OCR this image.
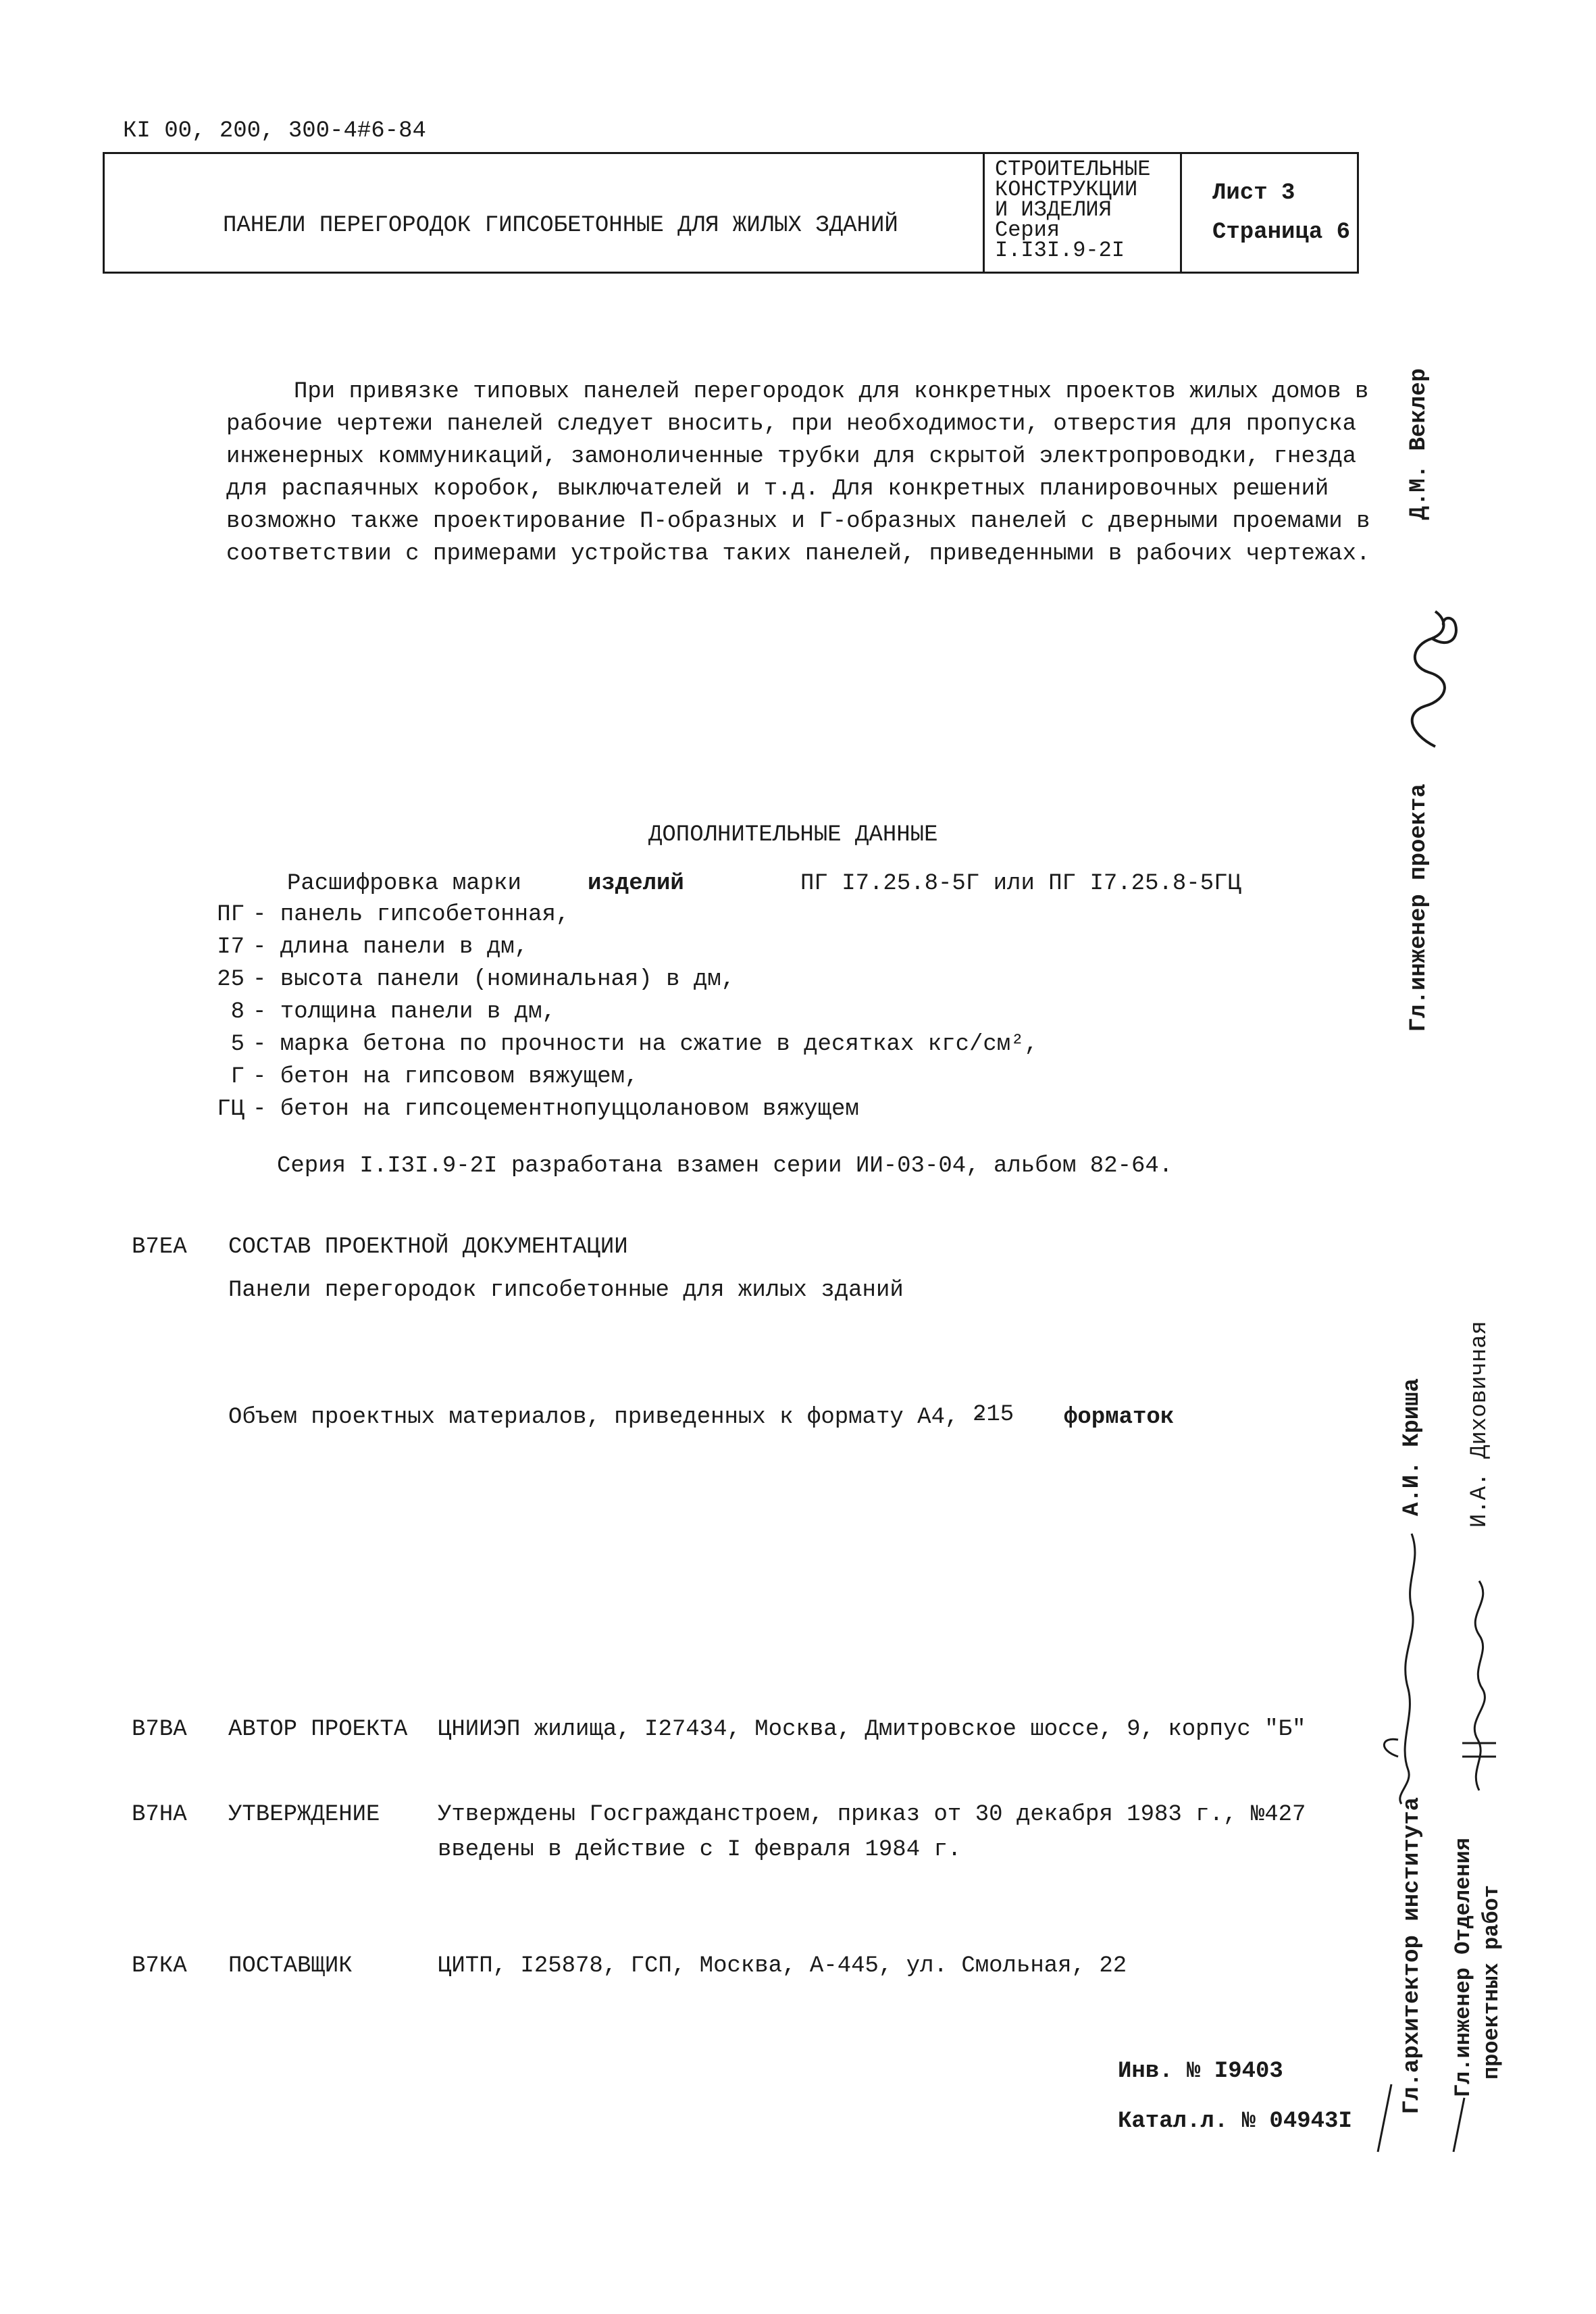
КI 00, 200, 300-4#6-84
ПАНЕЛИ ПЕРЕГОРОДОК ГИПСОБЕТОННЫЕ ДЛЯ ЖИЛЫХ ЗДАНИЙ
СТРОИТЕЛЬНЫЕ
КОНСТРУКЦИИ
И ИЗДЕЛИЯ
Серия
I.I3I.9-2I
Лист 3
Страница 6
При привязке типовых панелей перегородок для конкретных проектов жилых домов в
рабочие чертежи панелей следует вносить, при необходимости, отверстия для пропуска
инженерных коммуникаций, замоноличенные трубки для скрытой электропроводки, гнезда
для распаячных коробок, выключателей и т.д. Для конкретных планировочных решений
возможно также проектирование П-образных и Г-образных панелей с дверными проемами в
соответствии с примерами устройства таких панелей, приведенными в рабочих чертежах.
ДОПОЛНИТЕЛЬНЫЕ ДАННЫЕ
Расшифровка марки	изделий	ПГ I7.25.8-5Г или ПГ I7.25.8-5ГЦ
ПГ - панель гипсобетонная,
I7 - длина панели в дм,
25 - высота панели (номинальная) в дм,
8 - толщина панели в дм,
5 - марка бетона по прочности на сжатие в десятках кгс/см²,
Г - бетон на гипсовом вяжущем,
ГЦ - бетон на гипсоцементнопуццолановом вяжущем
Серия I.I3I.9-2I разработана взамен серии ИИ-03-04, альбом 82-64.
В7ЕА СОСТАВ ПРОЕКТНОЙ ДОКУМЕНТАЦИИ
Панели перегородок гипсобетонные для жилых зданий
Объем проектных материалов, приведенных к формату А4, -
215 форматок
В7ВА АВТОР ПРОЕКТА ЦНИИЭП жилища, I27434, Москва, Дмитровское шоссе, 9, корпус "Б"
В7НА УТВЕРЖДЕНИЕ	Утверждены Госгражданстроем, приказ от 30 декабря 1983 г., №427
введены в действие с I февраля 1984 г.
В7КА ПОСТАВЩИК	ЦИТП, I25878, ГСП, Москва, А-445, ул. Смольная, 22
Инв. № I9403
Катал.л. № 04943I
Д.М. Веклер
Гл.инженер проекта
А.И. Криша
Гл.архитектор института
И.А. Диховичная
Гл.инженер Отделения проектных работ
